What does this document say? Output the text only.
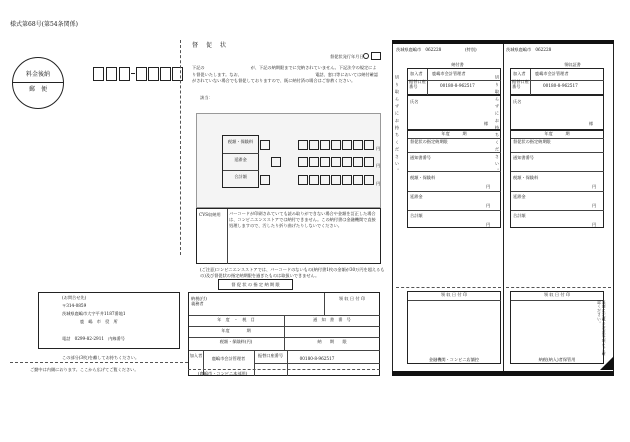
様式第68号(第54条関係)
料金後納
郵　便
督　促　状
督促状発行年月日
下記の　　　　　　　　　　　が、下記の納期限までに完納されていません。下記法令の規定により督促いたします。なお、　　　　　　　　　　　　　　　　　　電話、窓口等においては納付確認がされていない場合でも督促しておりますので、既に納付済の場合はご容赦ください。
該当：
税額・保険料
延滞金
合計額
円
円
円
CVS収納用 バーコードが印刷されていても読み取りができない場合や金額を訂正した場合は、コンビニエンスストアでは納付できません。この納付書は金融機関で直接処理しますので、汚したり折り曲げたりしないでください。
(ご注意)コンビニエンスストアでは、バーコードのないもの(納付書1枚の金額が30万円を超えるもの)及び督促状の指定納期限を過ぎたものは取扱いできません。
督 促 状 の 指 定 納 期 限
(お問合せ先)
〒314-0859
茨城県鹿嶋市大字平井1187番地1
鹿　嶋　市　役　所
電話　0299-82-2911　内線番号
納税(付)
義務者
領 収 日 付 印
年　度　・　税　目	通　知　書　番　号
年度　　　　期
税額・保険料(円)	納　　期　　限
加入者
鹿嶋市会計管理者
振替口座番号
00180-8-962517
この部分(3枚)を離してお持ちください。
ご勤中は内側におります。ここから広げてご覧ください。
(鹿嶋市・コンビニ本部用)
茨城県鹿嶋市　062228	(特別)
納付書
切り取らずにお持ちください。
加入者 鹿嶋市会計管理者
振替口座番号	00180-8-962517
氏名
様
年度　　　期
督促状の指定納期限
通知書番号
税額・保険料
円
延滞金
円
合計額
円
領 収 日 付 印
金融機関・コンビニ店舗控
茨城県鹿嶋市　062228
領収証書
切り取らずにお持ちください。
加入者 鹿嶋市会計管理者
振替口座番号	00180-8-962517
氏名
様
年度　　　期
督促状の指定納期限
通知書番号
税額・保険料
円
延滞金
円
合計額
円
領 収 日 付 印
裏面に記載の注意事項をご確認ください。
納税(納入)者保管用
